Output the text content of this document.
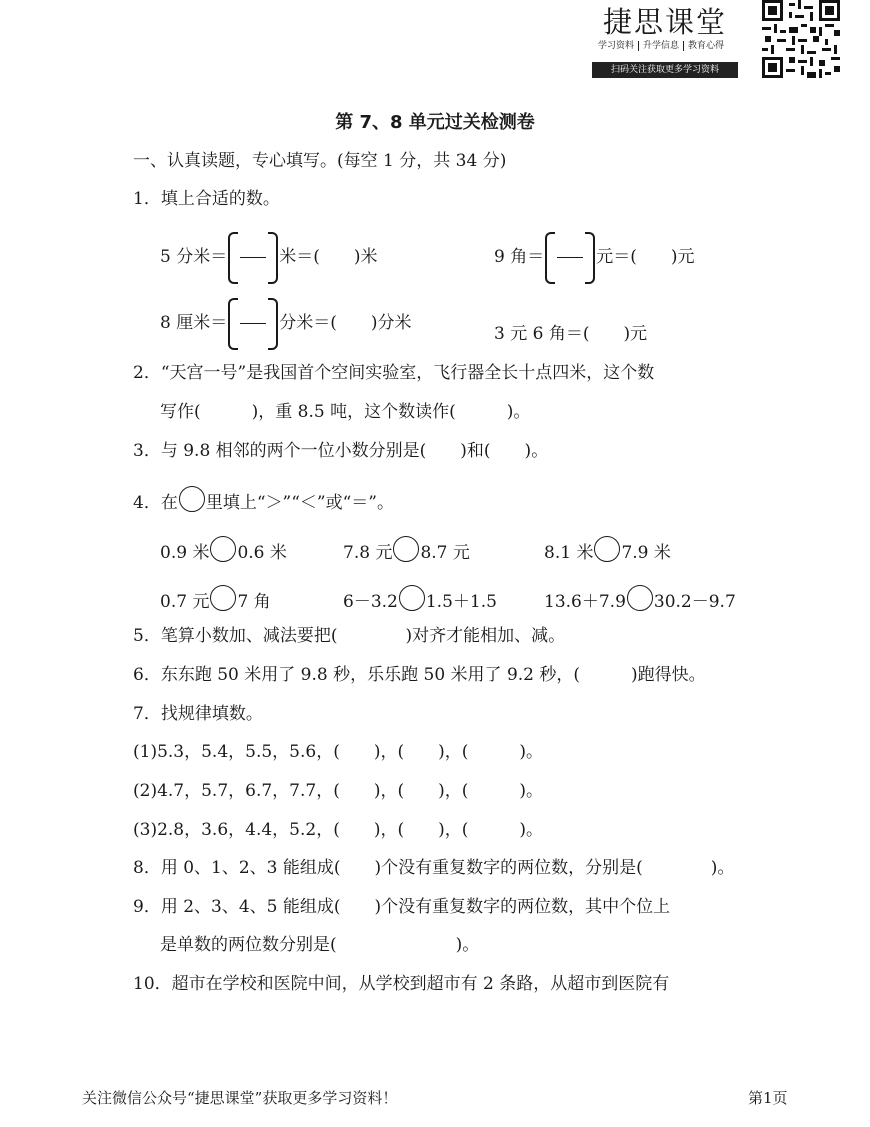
捷思课堂
学习资料 升学信息 教育心得
扫码关注获取更多学习资料
第 7、8 单元过关检测卷
一、认真读题，专心填写。(每空 1 分，共 34 分)
1．填上合适的数。
5 分米＝	米＝(　　)米	9 角＝	元＝(　　)元
8 厘米＝	分米＝(　　)分米
3 元 6 角＝(　　)元
2．“天宫一号”是我国首个空间实验室，飞行器全长十点四米，这个数
写作(　　　)，重 8.5 吨，这个数读作(　　　)。
3．与 9.8 相邻的两个一位小数分别是(　　)和(　　)。
4．在 里填上“＞”“＜”或“＝”。
0.9 米 0.6 米	7.8 元 8.7 元	8.1 米 7.9 米
0.7 元 7 角	6－3.2 1.5＋1.5	13.6＋7.9 30.2－9.7
5．笔算小数加、减法要把(　　　　)对齐才能相加、减。
6．东东跑 50 米用了 9.8 秒，乐乐跑 50 米用了 9.2 秒，(　　　)跑得快。
7．找规律填数。
(1)5.3，5.4，5.5，5.6，(　　)，(　　)，(　　　)。
(2)4.7，5.7，6.7，7.7，(　　)，(　　)，(　　　)。
(3)2.8，3.6，4.4，5.2，(　　)，(　　)，(　　　)。
8．用 0、1、2、3 能组成(　　)个没有重复数字的两位数，分别是(　　　　)。
9．用 2、3、4、5 能组成(　　)个没有重复数字的两位数，其中个位上
是单数的两位数分别是(　　　　　　　)。
10．超市在学校和医院中间，从学校到超市有 2 条路，从超市到医院有
关注微信公众号“捷思课堂”获取更多学习资料！	第1页
